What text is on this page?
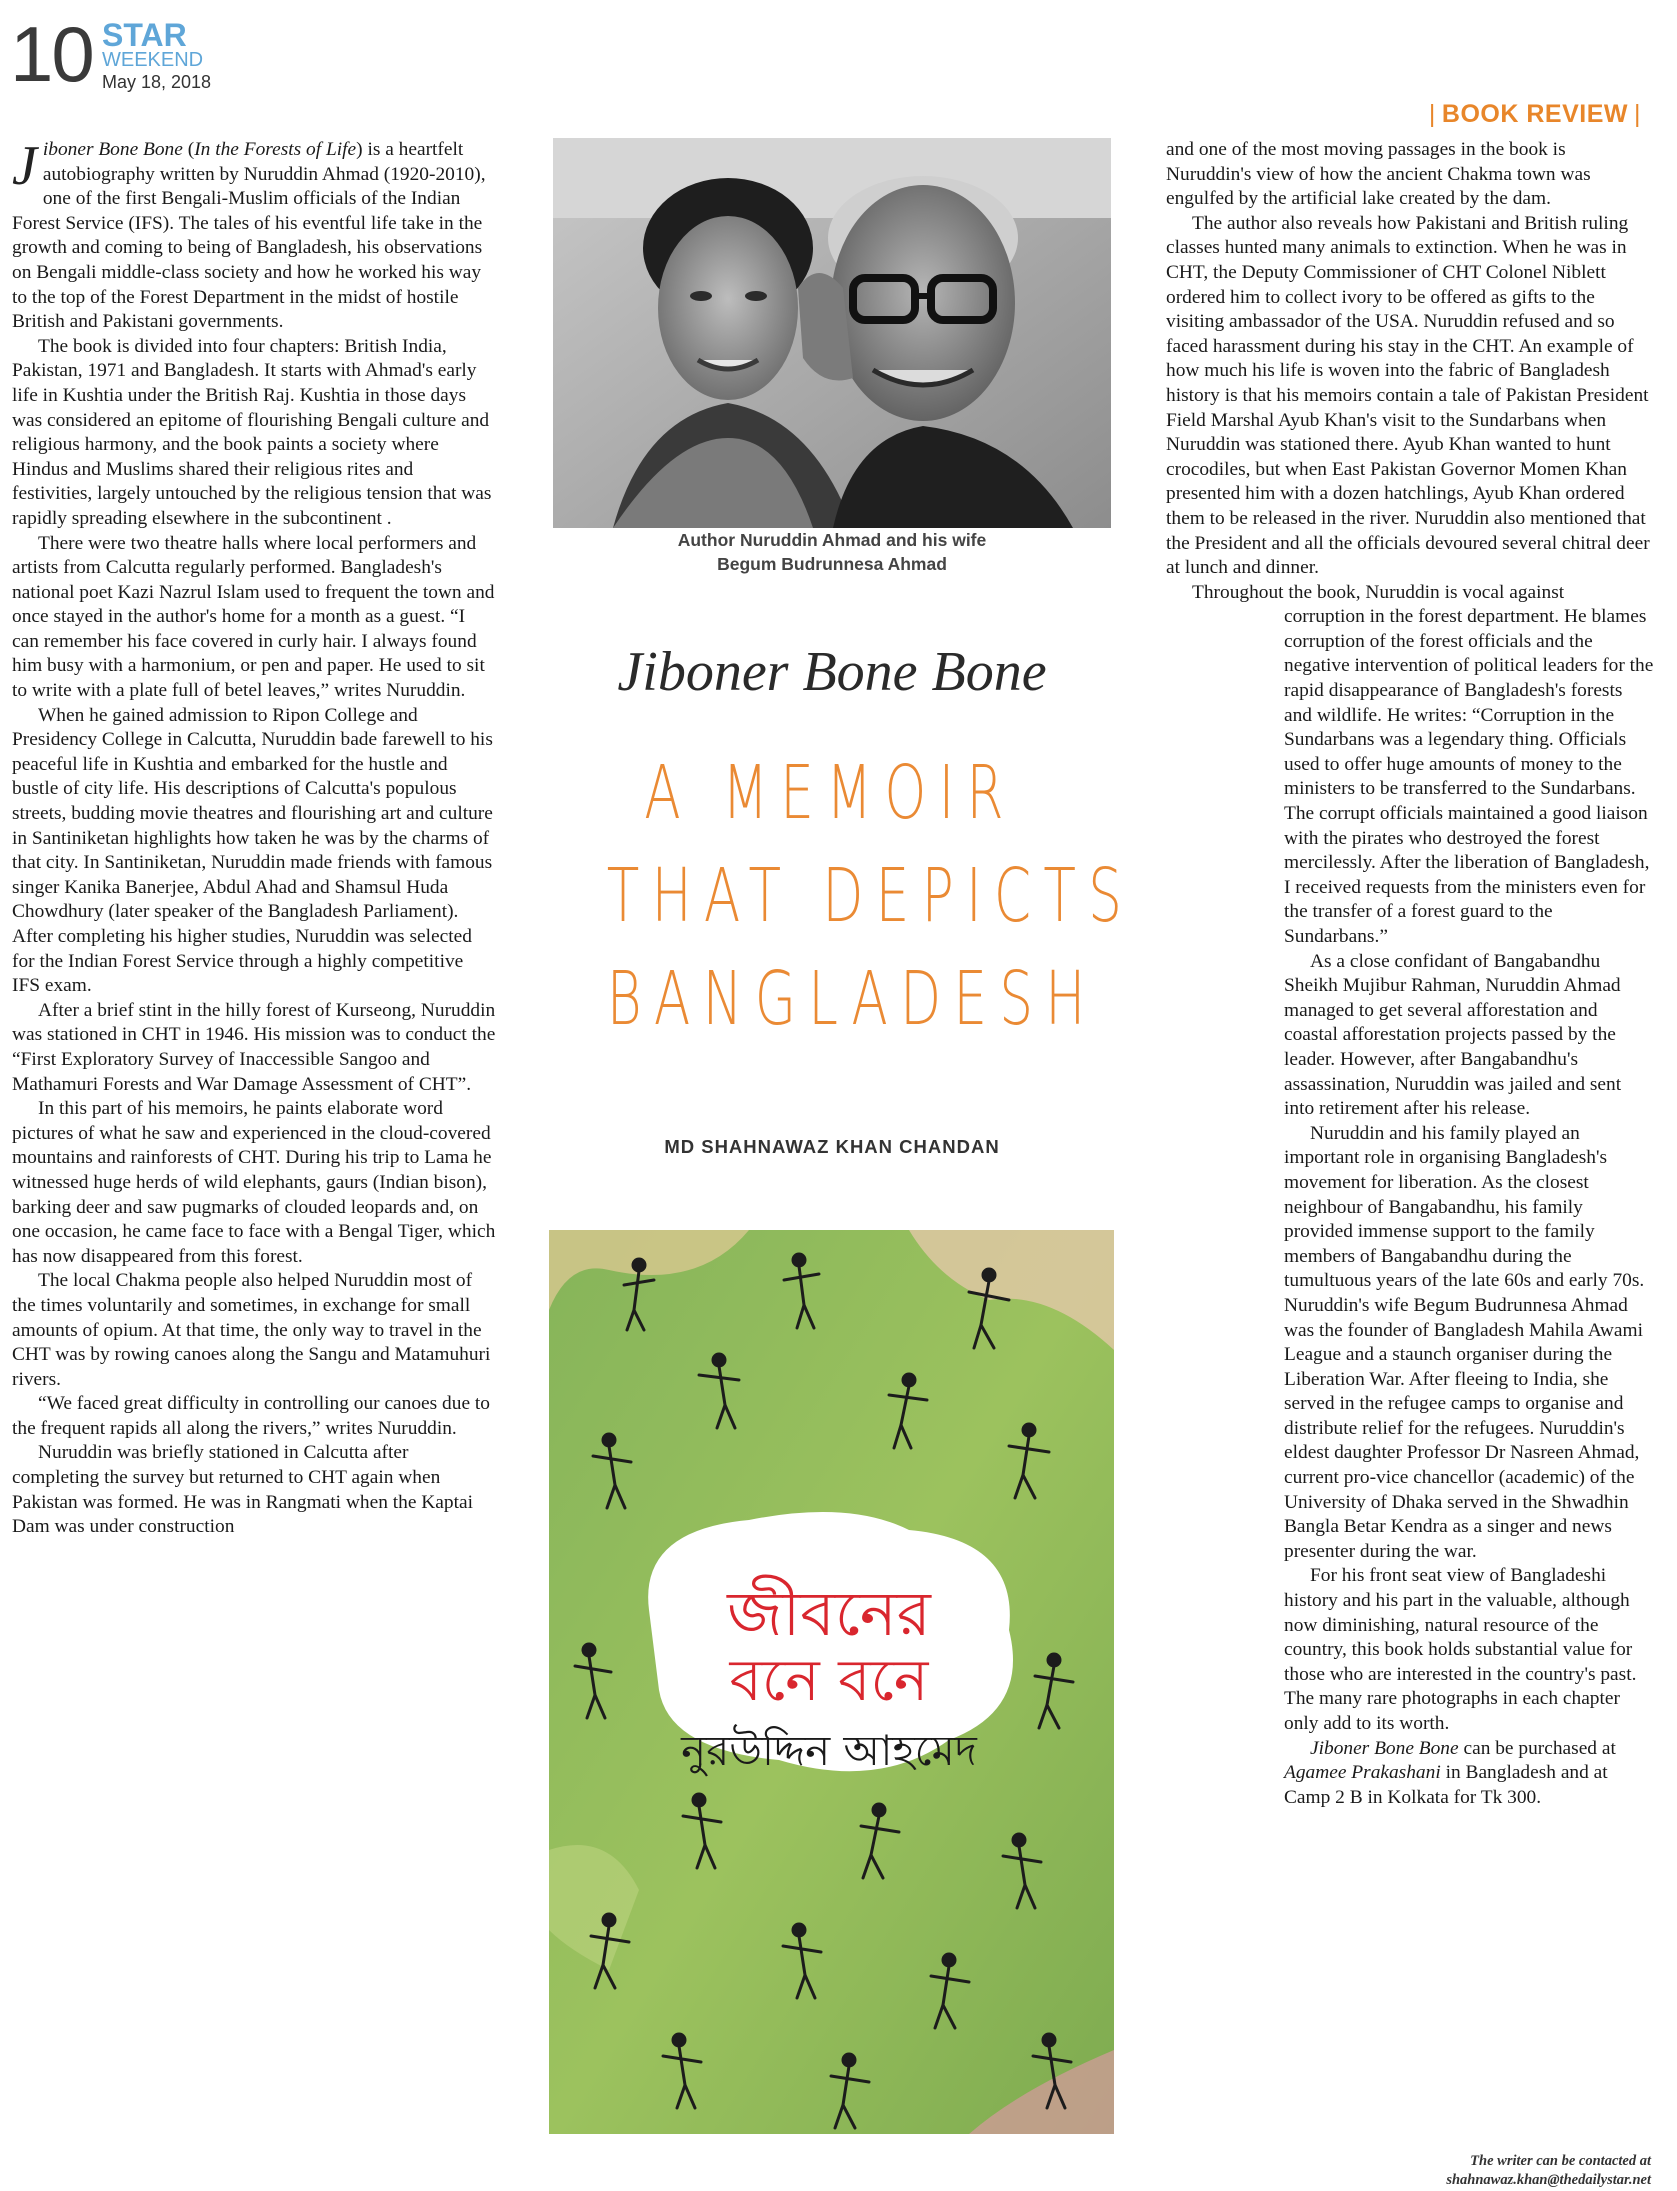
10 STAR
WEEKEND
May 18, 2018
| BOOK REVIEW |

Jiboner Bone Bone (In the Forests of Life) is a heartfelt autobiography written by Nuruddin Ahmad (1920-2010), one of the first Bengali-Muslim officials of the Indian Forest Service (IFS). The tales of his eventful life take in the growth and coming to being of Bangladesh, his observations on Bengali middle-class society and how he worked his way to the top of the Forest Department in the midst of hostile British and Pakistani governments.

The book is divided into four chapters: British India, Pakistan, 1971 and Bangladesh. It starts with Ahmad's early life in Kushtia under the British Raj. Kushtia in those days was considered an epitome of flourishing Bengali culture and religious harmony, and the book paints a society where Hindus and Muslims shared their religious rites and festivities, largely untouched by the religious tension that was rapidly spreading elsewhere in the subcontinent .

There were two theatre halls where local performers and artists from Calcutta regularly performed. Bangladesh's national poet Kazi Nazrul Islam used to frequent the town and once stayed in the author's home for a month as a guest. “I can remember his face covered in curly hair. I always found him busy with a harmonium, or pen and paper. He used to sit to write with a plate full of betel leaves,” writes Nuruddin.

When he gained admission to Ripon College and Presidency College in Calcutta, Nuruddin bade farewell to his peaceful life in Kushtia and embarked for the hustle and bustle of city life. His descriptions of Calcutta's populous streets, budding movie theatres and flourishing art and culture in Santiniketan highlights how taken he was by the charms of that city. In Santiniketan, Nuruddin made friends with famous singer Kanika Banerjee, Abdul Ahad and Shamsul Huda Chowdhury (later speaker of the Bangladesh Parliament). After completing his higher studies, Nuruddin was selected for the Indian Forest Service through a highly competitive IFS exam.

After a brief stint in the hilly forest of Kurseong, Nuruddin was stationed in CHT in 1946. His mission was to conduct the “First Exploratory Survey of Inaccessible Sangoo and Mathamuri Forests and War Damage Assessment of CHT”.

In this part of his memoirs, he paints elaborate word pictures of what he saw and experienced in the cloud-covered mountains and rainforests of CHT. During his trip to Lama he witnessed huge herds of wild elephants, gaurs (Indian bison), barking deer and saw pugmarks of clouded leopards and, on one occasion, he came face to face with a Bengal Tiger, which has now disappeared from this forest.

The local Chakma people also helped Nuruddin most of the times voluntarily and sometimes, in exchange for small amounts of opium. At that time, the only way to travel in the CHT was by rowing canoes along the Sangu and Matamuhuri rivers.

“We faced great difficulty in controlling our canoes due to the frequent rapids all along the rivers,” writes Nuruddin.

Nuruddin was briefly stationed in Calcutta after completing the survey but returned to CHT again when Pakistan was formed. He was in Rangmati when the Kaptai Dam was under construction

Author Nuruddin Ahmad and his wife
Begum Budrunnesa Ahmad
Jiboner Bone Bone
A MEMOIR
THAT DEPICTS
BANGLADESH
MD SHAHNAWAZ KHAN CHANDAN
জীবনের
বনে বনে
নুরউদ্দিন আহমেদ

and one of the most moving passages in the book is Nuruddin's view of how the ancient Chakma town was engulfed by the artificial lake created by the dam.

The author also reveals how Pakistani and British ruling classes hunted many animals to extinction. When he was in CHT, the Deputy Commissioner of CHT Colonel Niblett ordered him to collect ivory to be offered as gifts to the visiting ambassador of the USA. Nuruddin refused and so faced harassment during his stay in the CHT. An example of how much his life is woven into the fabric of Bangladesh history is that his memoirs contain a tale of Pakistan President Field Marshal Ayub Khan's visit to the Sundarbans when Nuruddin was stationed there. Ayub Khan wanted to hunt crocodiles, but when East Pakistan Governor Momen Khan presented him with a dozen hatchlings, Ayub Khan ordered them to be released in the river. Nuruddin also mentioned that the President and all the officials devoured several chitral deer at lunch and dinner.

Throughout the book, Nuruddin is vocal against

corruption in the forest department. He blames corruption of the forest officials and the negative intervention of political leaders for the rapid disappearance of Bangladesh's forests and wildlife. He writes: “Corruption in the Sundarbans was a legendary thing. Officials used to offer huge amounts of money to the ministers to be transferred to the Sundarbans. The corrupt officials maintained a good liaison with the pirates who destroyed the forest mercilessly. After the liberation of Bangladesh, I received requests from the ministers even for the transfer of a forest guard to the Sundarbans.”

As a close confidant of Bangabandhu Sheikh Mujibur Rahman, Nuruddin Ahmad managed to get several afforestation and coastal afforestation projects passed by the leader. However, after Bangabandhu's assassination, Nuruddin was jailed and sent into retirement after his release.

Nuruddin and his family played an important role in organising Bangladesh's movement for liberation. As the closest neighbour of Bangabandhu, his family provided immense support to the family members of Bangabandhu during the tumultuous years of the late 60s and early 70s. Nuruddin's wife Begum Budrunnesa Ahmad was the founder of Bangladesh Mahila Awami League and a staunch organiser during the Liberation War. After fleeing to India, she served in the refugee camps to organise and distribute relief for the refugees. Nuruddin's eldest daughter Professor Dr Nasreen Ahmad, current pro-vice chancellor (academic) of the University of Dhaka served in the Shwadhin Bangla Betar Kendra as a singer and news presenter during the war.

For his front seat view of Bangladeshi history and his part in the valuable, although now diminishing, natural resource of the country, this book holds substantial value for those who are interested in the country's past. The many rare photographs in each chapter only add to its worth.

Jiboner Bone Bone can be purchased at Agamee Prakashani in Bangladesh and at Camp 2 B in Kolkata for Tk 300.

The writer can be contacted at
shahnawaz.khan@thedailystar.net
